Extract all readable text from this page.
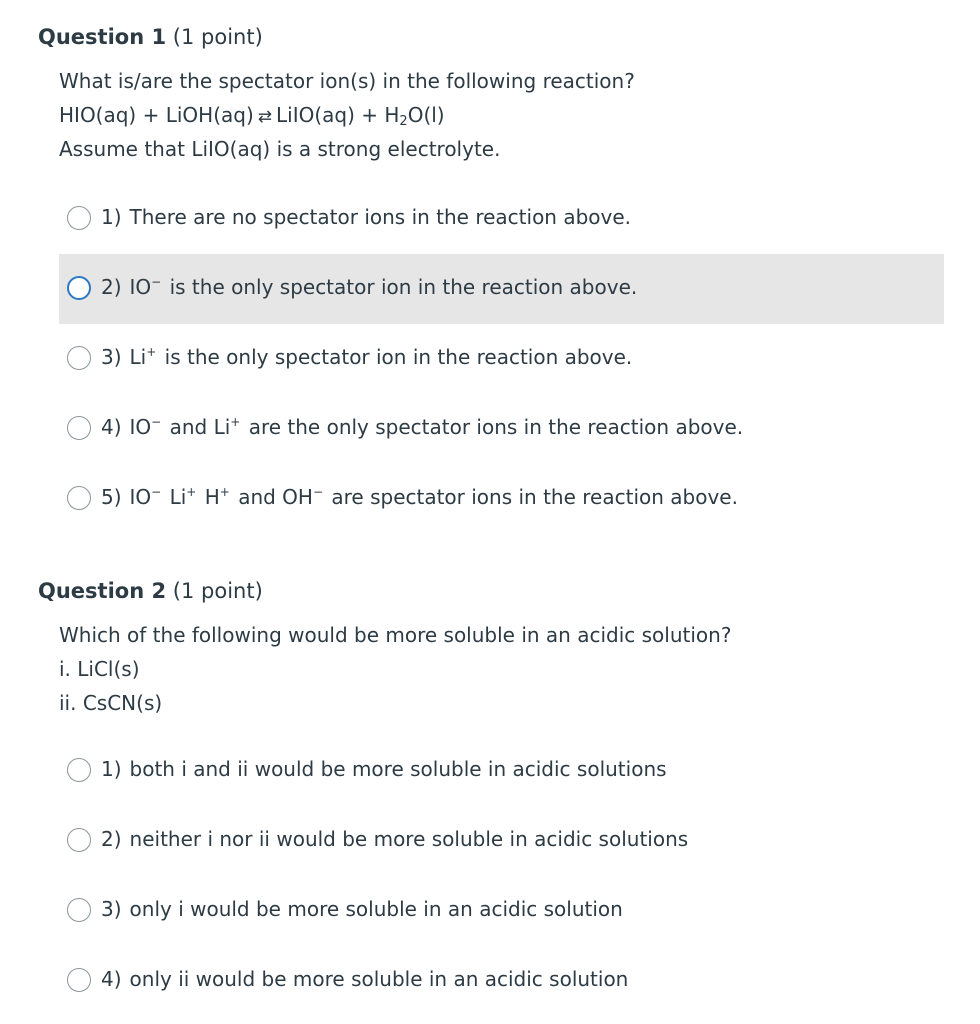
Question 1 (1 point)
What is/are the spectator ion(s) in the following reaction?
HIO(aq) + LiOH(aq) ⇄ LiIO(aq) + $H_2O(l)$
Assume that LiIO(aq) is a strong electrolyte.
1) There are no spectator ions in the reaction above.
2) IO− is the only spectator ion in the reaction above.
3) Li+ is the only spectator ion in the reaction above.
4) IO− and Li+ are the only spectator ions in the reaction above.
5) IO− Li+ H+ and OH− are spectator ions in the reaction above.
Question 2 (1 point)
Which of the following would be more soluble in an acidic solution?
i. LiCl(s)
ii. CsCN(s)
1) both i and ii would be more soluble in acidic solutions
2) neither i nor ii would be more soluble in acidic solutions
3) only i would be more soluble in an acidic solution
4) only ii would be more soluble in an acidic solution
